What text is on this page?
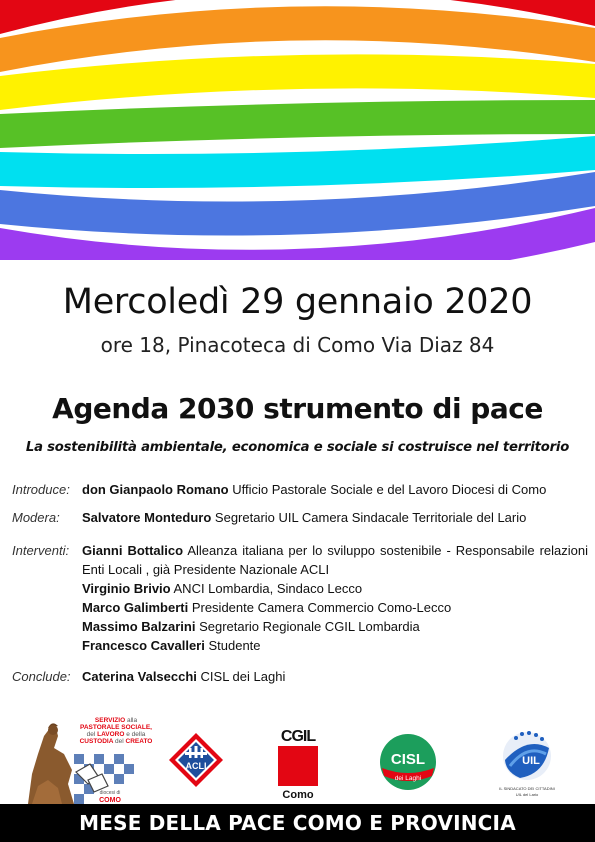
Mercoledì 29 gennaio 2020
ore 18, Pinacoteca di Como Via Diaz 84
Agenda 2030 strumento di pace
La sostenibilità ambientale, economica e sociale si costruisce nel territorio
Introduce: don Gianpaolo Romano Ufficio Pastorale Sociale e del Lavoro Diocesi di Como
Modera:	Salvatore Monteduro Segretario UIL Camera Sindacale Territoriale del Lario
Interventi: Gianni Bottalico Alleanza italiana per lo sviluppo sostenibile - Responsabile relazioni Enti Locali , già Presidente Nazionale ACLI
Virginio Brivio ANCI Lombardia, Sindaco Lecco
Marco Galimberti Presidente Camera Commercio Como-Lecco
Massimo Balzarini Segretario Regionale CGIL Lombardia
Francesco Cavalleri Studente
Conclude: Caterina Valsecchi CISL dei Laghi
SERVIZIO alla
PASTORALE SOCIALE,
del LAVORO e della
CUSTODIA del CREATO
diocesi di
COMO
ACLI
CGIL
Como
CISL
dei Laghi
UIL
IL SINDACATO DEI CITTADINI
UIL del Lario
MESE DELLA PACE COMO E PROVINCIA
